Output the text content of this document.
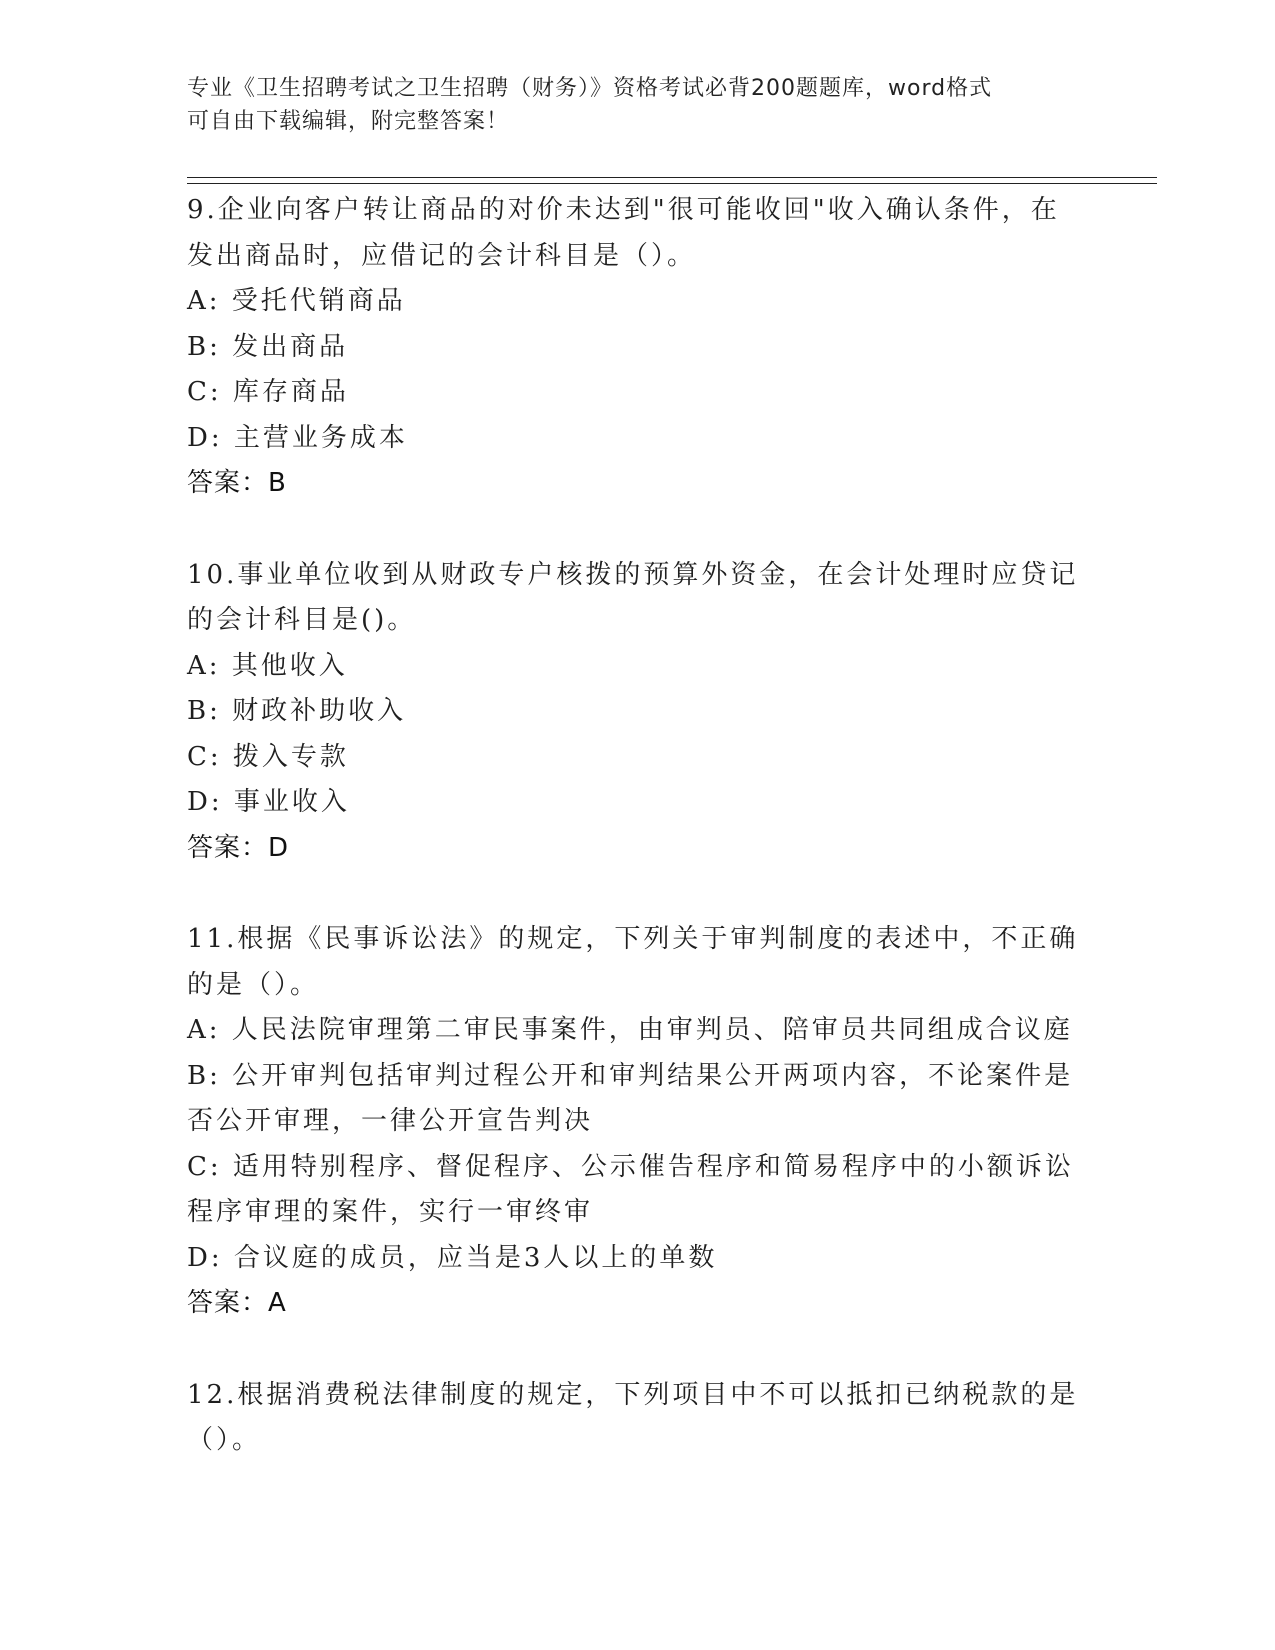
专业《卫生招聘考试之卫生招聘（财务）》资格考试必背200题题库，word格式
可自由下载编辑，附完整答案！

9.企业向客户转让商品的对价未达到"很可能收回"收入确认条件，在

发出商品时，应借记的会计科目是（）。

A: 受托代销商品

B: 发出商品

C: 库存商品

D: 主营业务成本

答案：B

10.事业单位收到从财政专户核拨的预算外资金，在会计处理时应贷记

的会计科目是()。

A: 其他收入

B: 财政补助收入

C: 拨入专款

D: 事业收入

答案：D

11.根据《民事诉讼法》的规定，下列关于审判制度的表述中，不正确

的是（）。

A: 人民法院审理第二审民事案件，由审判员、陪审员共同组成合议庭

B: 公开审判包括审判过程公开和审判结果公开两项内容，不论案件是

否公开审理，一律公开宣告判决

C: 适用特别程序、督促程序、公示催告程序和简易程序中的小额诉讼

程序审理的案件，实行一审终审

D: 合议庭的成员，应当是3人以上的单数

答案：A

12.根据消费税法律制度的规定，下列项目中不可以抵扣已纳税款的是

（）。
